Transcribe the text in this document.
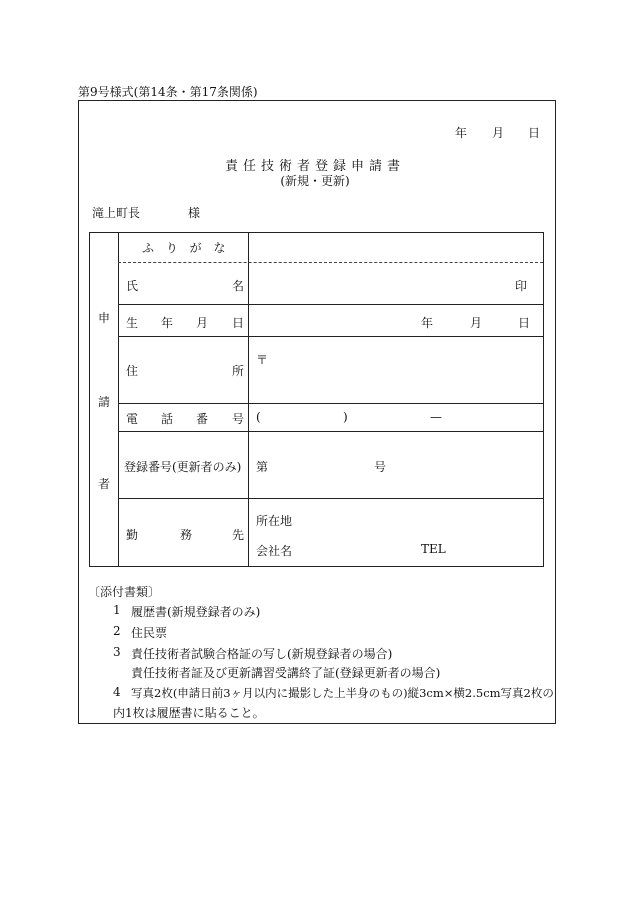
第9号様式(第14条・第17条関係)
年 月 日
責任技術者登録申請書
(新規・更新)
滝上町長	様
申
請
者
ふ り が な
氏	名	印
生 年 月 日	年	月	日
住	所
〒
電 話 番 号 (	)	—
登録番号(更新者のみ) 第	号
勤	務	先
所在地
会社名	TEL
〔添付書類〕
1 履歴書(新規登録者のみ)
2 住民票
3 責任技術者試験合格証の写し(新規登録者の場合)
責任技術者証及び更新講習受講終了証(登録更新者の場合)
4 写真2枚(申請日前3ヶ月以内に撮影した上半身のもの)縦3cm×横2.5cm写真2枚の
内1枚は履歴書に貼ること。
